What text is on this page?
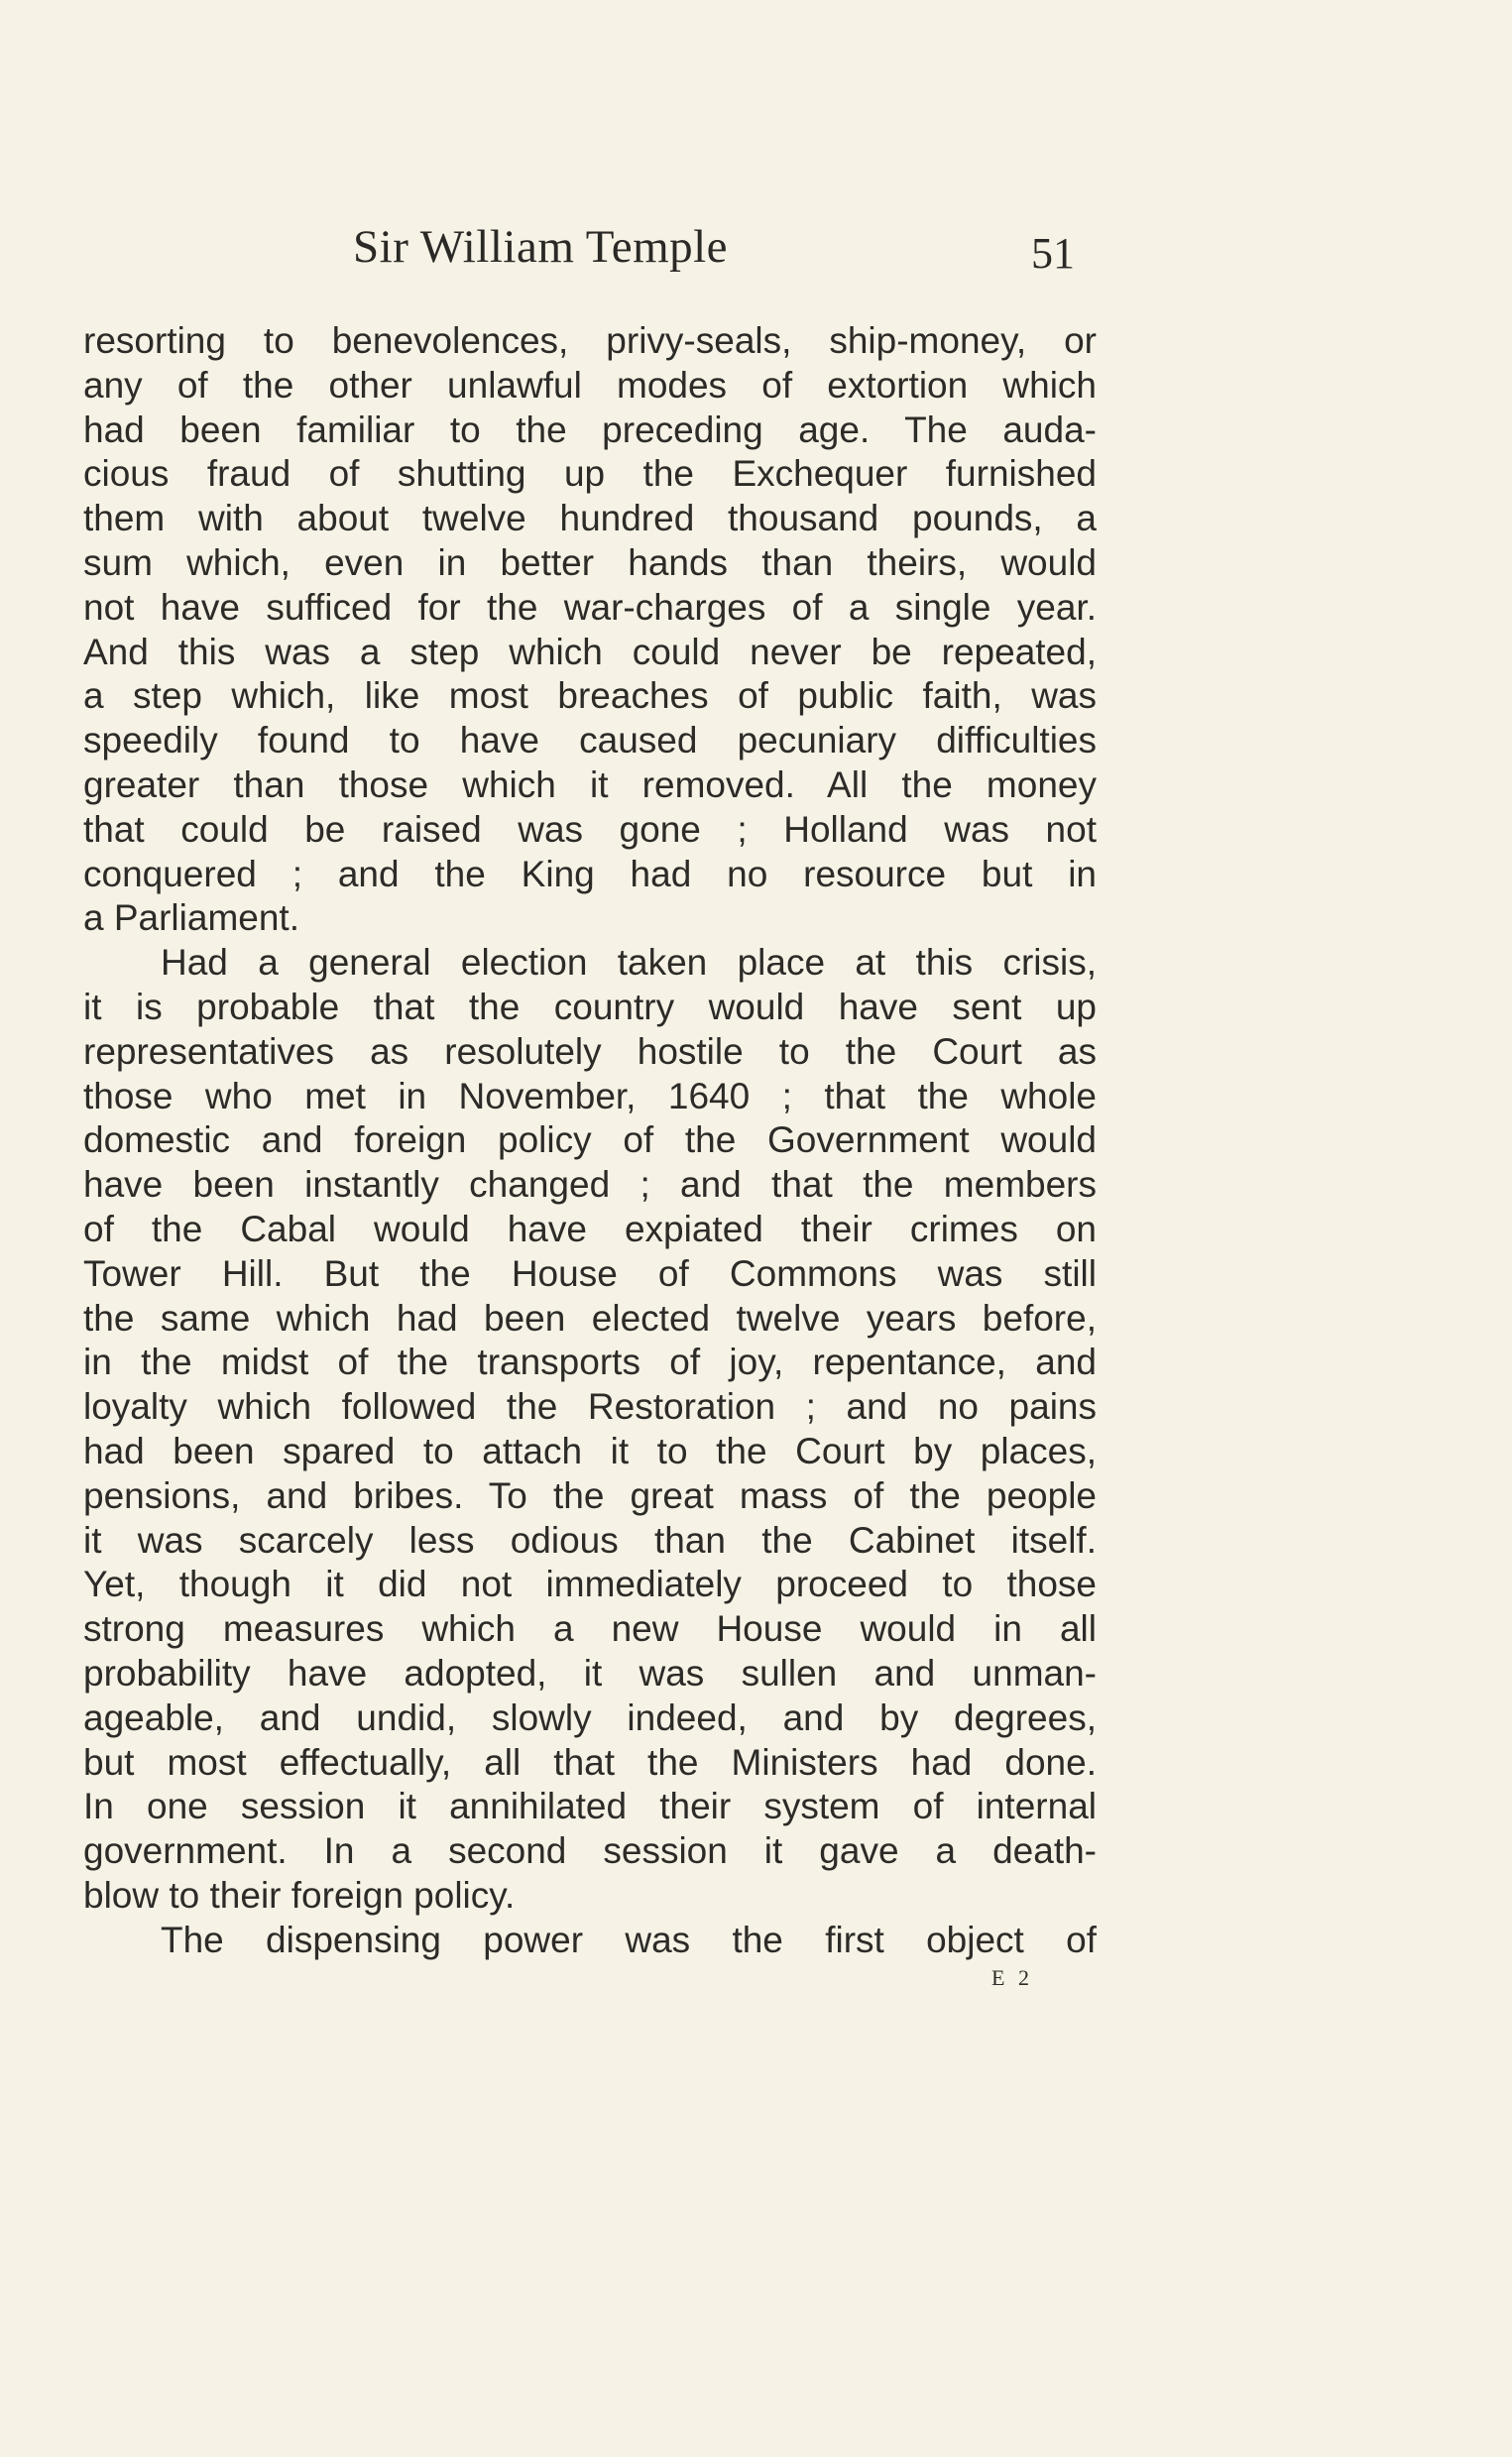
Sir William Temple	51
resorting to benevolences, privy-seals, ship-money, or
any of the other unlawful modes of extortion which
had been familiar to the preceding age. The auda-
cious fraud of shutting up the Exchequer furnished
them with about twelve hundred thousand pounds, a
sum which, even in better hands than theirs, would
not have sufficed for the war-charges of a single year.
And this was a step which could never be repeated,
a step which, like most breaches of public faith, was
speedily found to have caused pecuniary difficulties
greater than those which it removed. All the money
that could be raised was gone ; Holland was not
conquered ; and the King had no resource but in
a Parliament.
Had a general election taken place at this crisis,
it is probable that the country would have sent up
representatives as resolutely hostile to the Court as
those who met in November, 1640 ; that the whole
domestic and foreign policy of the Government would
have been instantly changed ; and that the members
of the Cabal would have expiated their crimes on
Tower Hill. But the House of Commons was still
the same which had been elected twelve years before,
in the midst of the transports of joy, repentance, and
loyalty which followed the Restoration ; and no pains
had been spared to attach it to the Court by places,
pensions, and bribes. To the great mass of the people
it was scarcely less odious than the Cabinet itself.
Yet, though it did not immediately proceed to those
strong measures which a new House would in all
probability have adopted, it was sullen and unman-
ageable, and undid, slowly indeed, and by degrees,
but most effectually, all that the Ministers had done.
In one session it annihilated their system of internal
government. In a second session it gave a death-
blow to their foreign policy.
The dispensing power was the first object of
E 2
